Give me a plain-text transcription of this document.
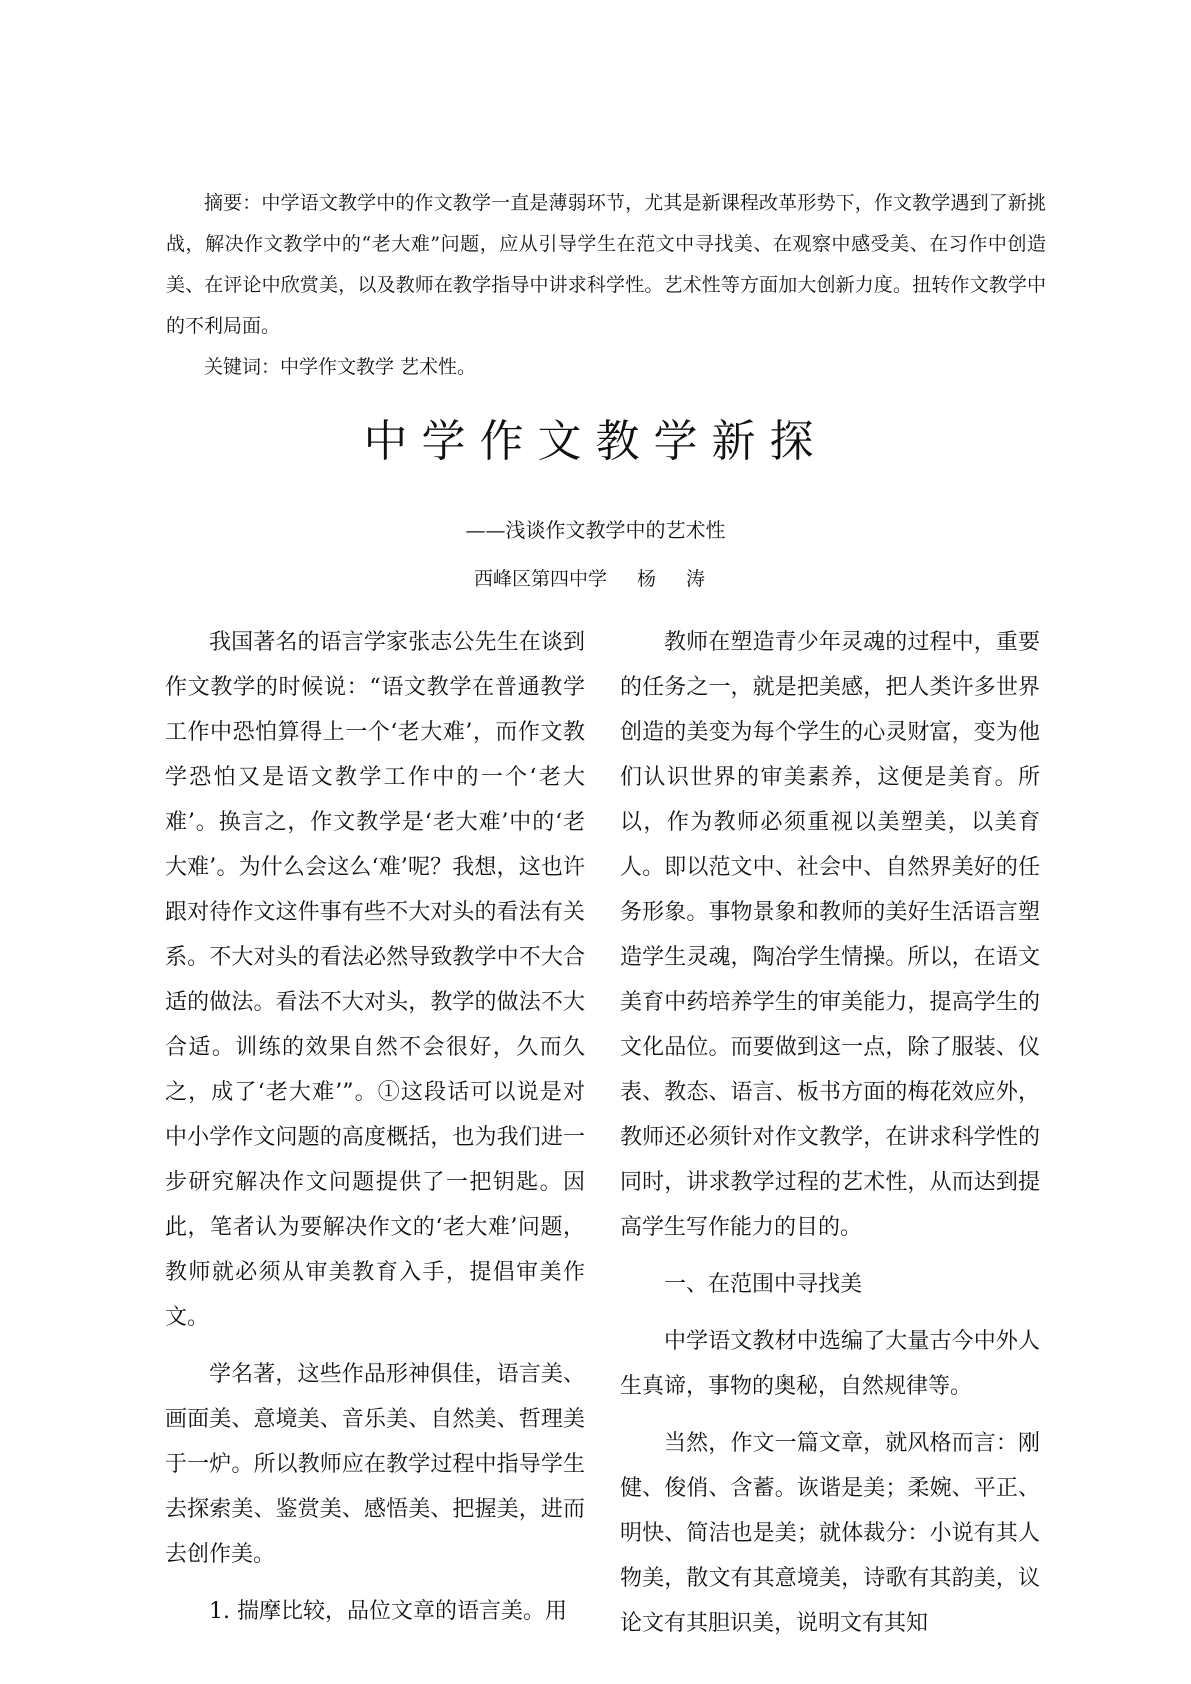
摘要：中学语文教学中的作文教学一直是薄弱环节，尤其是新课程改革形势下，作文教学遇到了新挑战，解决作文教学中的“老大难”问题，应从引导学生在范文中寻找美、在观察中感受美、在习作中创造美、在评论中欣赏美，以及教师在教学指导中讲求科学性。艺术性等方面加大创新力度。扭转作文教学中的不利局面。

关键词：中学作文教学 艺术性。

中学作文教学新探
——浅谈作文教学中的艺术性
西峰区第四中学 杨 涛

我国著名的语言学家张志公先生在谈到作文教学的时候说：“语文教学在普通教学工作中恐怕算得上一个‘老大难’，而作文教学恐怕又是语文教学工作中的一个‘老大难’。换言之，作文教学是‘老大难’中的‘老大难’。为什么会这么‘难’呢？我想，这也许跟对待作文这件事有些不大对头的看法有关系。不大对头的看法必然导致教学中不大合适的做法。看法不大对头，教学的做法不大合适。训练的效果自然不会很好，久而久之，成了‘老大难’”。①这段话可以说是对中小学作文问题的高度概括，也为我们进一步研究解决作文问题提供了一把钥匙。因此，笔者认为要解决作文的‘老大难’问题，教师就必须从审美教育入手，提倡审美作文。

学名著，这些作品形神俱佳，语言美、画面美、意境美、音乐美、自然美、哲理美于一炉。所以教师应在教学过程中指导学生去探索美、鉴赏美、感悟美、把握美，进而去创作美。

1. 揣摩比较，品位文章的语言美。用

教师在塑造青少年灵魂的过程中，重要的任务之一，就是把美感，把人类许多世界创造的美变为每个学生的心灵财富，变为他们认识世界的审美素养，这便是美育。所以，作为教师必须重视以美塑美，以美育人。即以范文中、社会中、自然界美好的任务形象。事物景象和教师的美好生活语言塑造学生灵魂，陶冶学生情操。所以，在语文美育中药培养学生的审美能力，提高学生的文化品位。而要做到这一点，除了服装、仪表、教态、语言、板书方面的梅花效应外，教师还必须针对作文教学，在讲求科学性的同时，讲求教学过程的艺术性，从而达到提高学生写作能力的目的。

一、在范围中寻找美

中学语文教材中选编了大量古今中外人生真谛，事物的奥秘，自然规律等。

当然，作文一篇文章，就风格而言：刚健、俊俏、含蓄。诙谐是美；柔婉、平正、明快、简洁也是美；就体裁分：小说有其人物美，散文有其意境美，诗歌有其韵美，议论文有其胆识美，说明文有其知
